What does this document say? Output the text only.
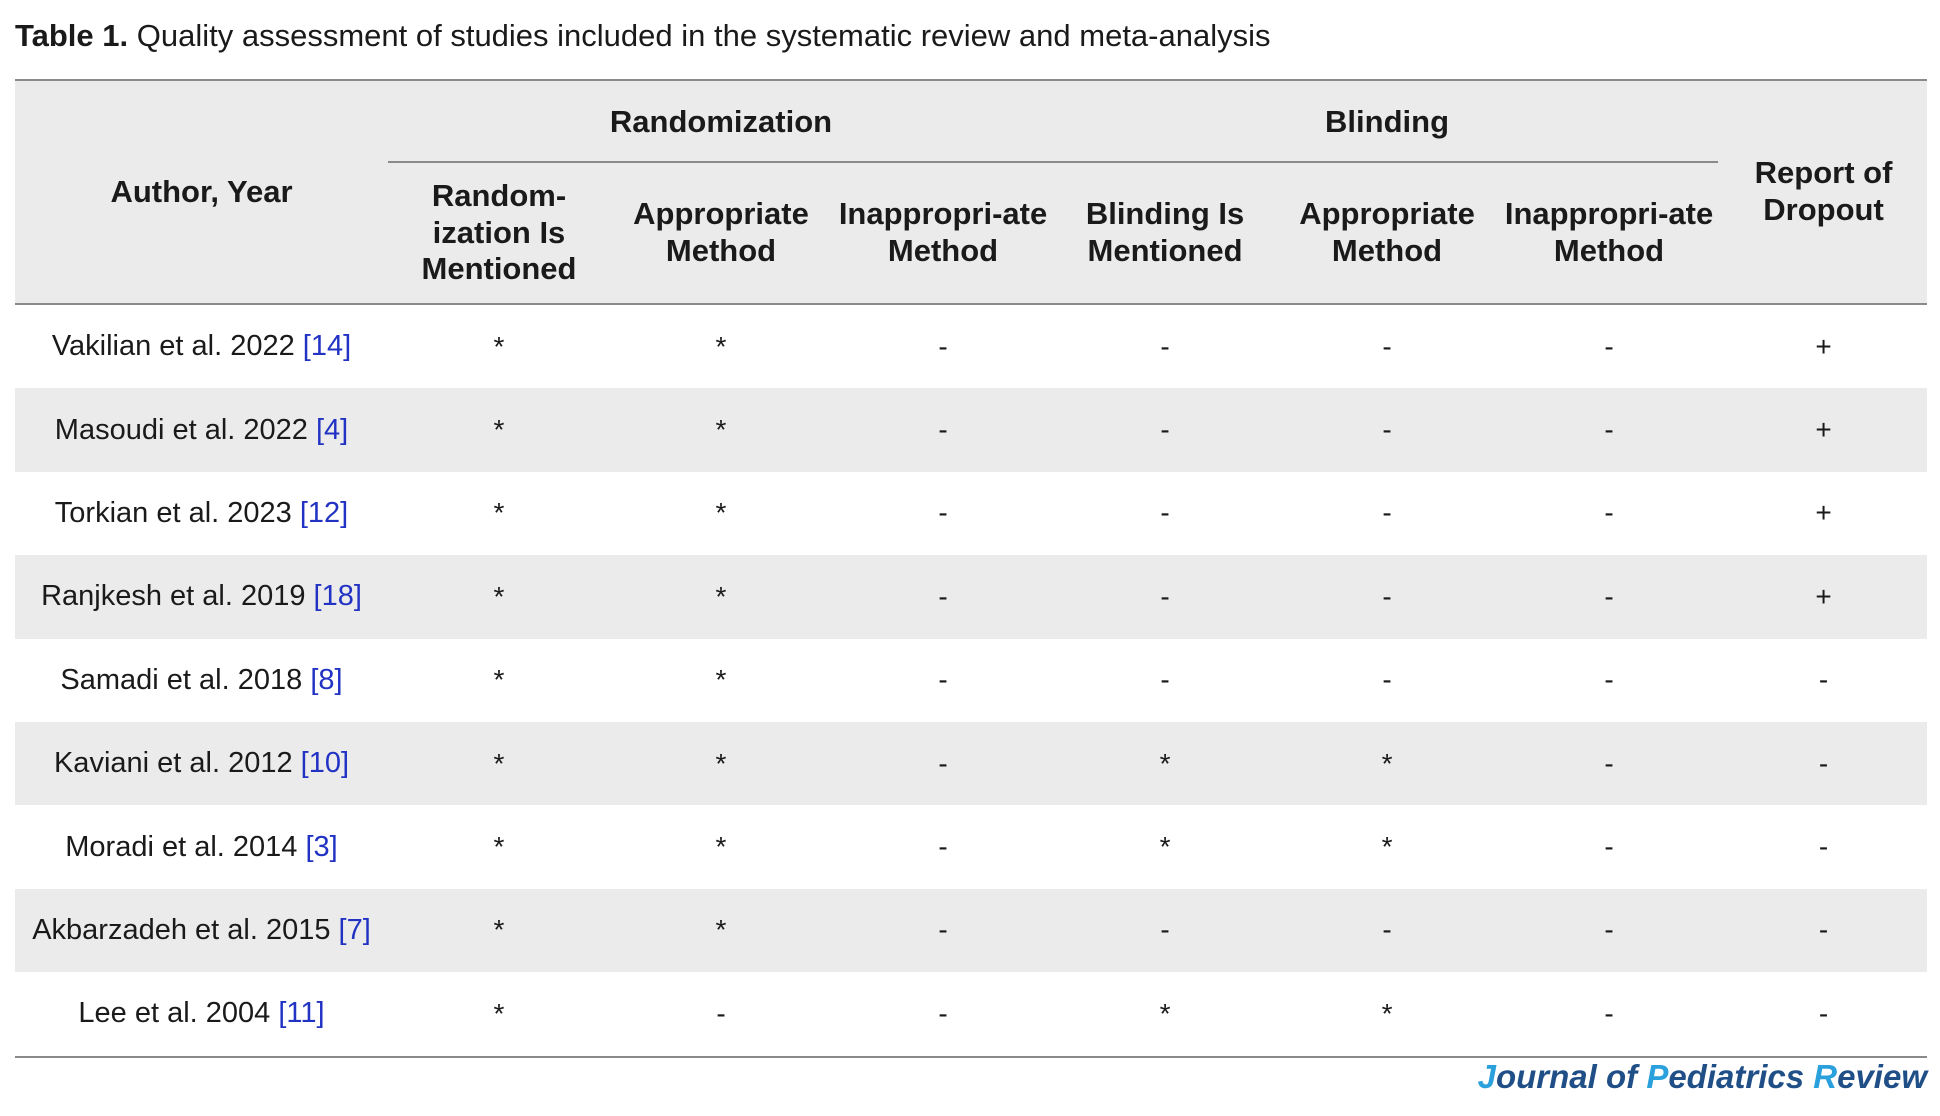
Table 1. Quality assessment of studies included in the systematic review and meta-analysis
Author, Year	Randomization			Blinding			Report of Dropout
	Random-ization Is Mentioned	Appropriate Method	Inappropri-ate Method	Blinding Is Mentioned	Appropriate Method	Inappropri-ate Method	
Vakilian et al. 2022 [14]	*	*	-	-	-	-	+
Masoudi et al. 2022 [4]	*	*	-	-	-	-	+
Torkian et al. 2023 [12]	*	*	-	-	-	-	+
Ranjkesh et al. 2019 [18]	*	*	-	-	-	-	+
Samadi et al. 2018 [8]	*	*	-	-	-	-	-
Kaviani et al. 2012 [10]	*	*	-	*	*	-	-
Moradi et al. 2014 [3]	*	*	-	*	*	-	-
Akbarzadeh et al. 2015 [7]	*	*	-	-	-	-	-
Lee et al. 2004 [11]	*	-	-	*	*	-	-
Journal of Pediatrics Review
